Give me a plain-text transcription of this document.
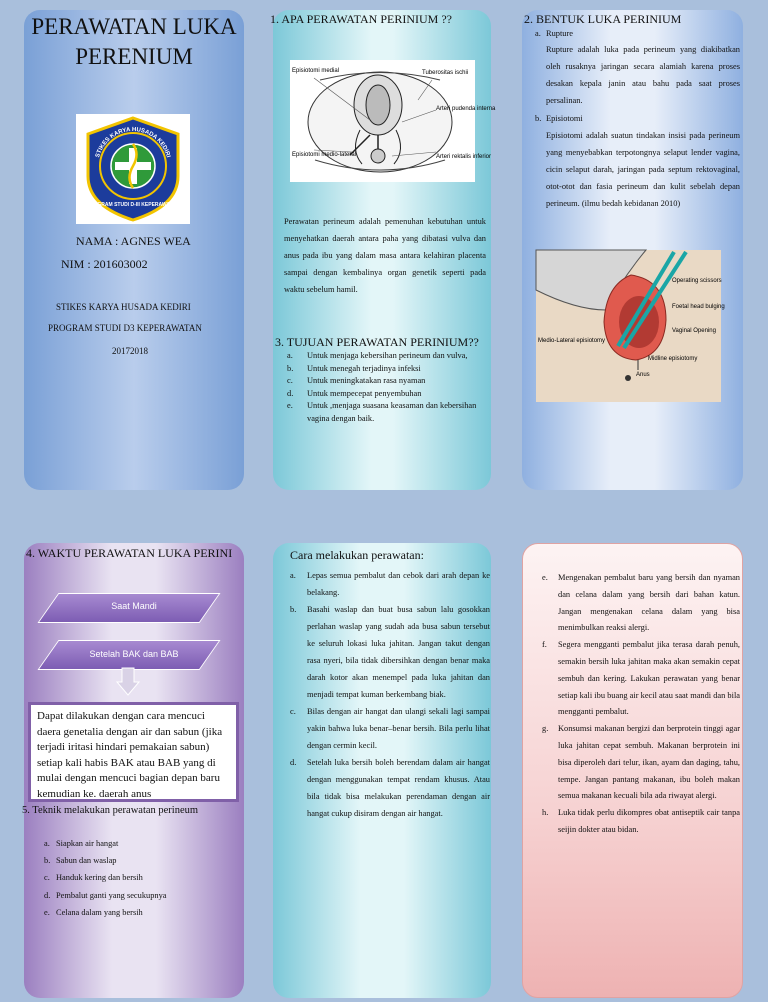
PERAWATAN LUKA
PERENIUM
STIKES KARYA HUSADA KEDIRI
PROGRAM STUDI D-III KEPERAWATAN
NAMA : AGNES WEA
NIM : 201603002
STIKES KARYA HUSADA KEDIRI
PROGRAM STUDI D3 KEPERAWATAN
20172018
1. APA PERAWATAN PERINIUM ??
Episiotomi medial	Tuberositas ischii
Arteri pudenda interna
Episiotomi medio-lateral	Arteri rektalis inferior
Perawatan perineum adalah pemenuhan kebutuhan untuk menyehatkan daerah antara paha yang dibatasi vulva dan anus pada ibu yang dalam masa antara kelahiran placenta sampai dengan kembalinya organ genetik seperti pada waktu sebelum hamil.
3. TUJUAN PERAWATAN PERINIUM??
a.	Untuk menjaga kebersihan perineum dan vulva,
b.	Untuk menegah terjadinya infeksi
c.	Untuk meningkatakan rasa nyaman
d.	Untuk mempecepat penyembuhan
e.	Untuk ,menjaga suasana keasaman dan kebersihan vagina dengan baik.
2. BENTUK LUKA PERINIUM
a. Rupture
Rupture adalah luka pada perineum yang diakibatkan oleh rusaknya jaringan secara alamiah karena proses desakan kepala janin atau bahu pada saat proses persalinan.
b. Episiotomi
Episiotomi adalah suatun tindakan insisi pada perineum yang menyebabkan terpotongnya selaput lender vagina, cicin selaput darah, jaringan pada septum rektovaginal, otot-otot dan fasia perineum dan kulit sebelah depan perineum. (ilmu bedah kebidanan 2010)
Operating scissors
Foetal head bulging
Vaginal Opening
Medio-Lateral episiotomy
Midline episiotomy
Anus
4. WAKTU PERAWATAN LUKA PERINI
Saat Mandi
Setelah BAK dan BAB
Dapat dilakukan dengan cara mencuci daera genetalia dengan air dan sabun (jika terjadi iritasi hindari pemakaian sabun) setiap kali habis BAK atau BAB yang di mulai dengan mencuci bagian depan baru kemudian ke. daerah anus
5. Teknik melakukan perawatan perineum
a. Siapkan air hangat
b. Sabun dan waslap
c. Handuk kering dan bersih
d. Pembalut ganti yang secukupnya
e. Celana dalam yang bersih
Cara melakukan perawatan:
a.	Lepas semua pembalut dan cebok dari arah depan ke belakang.
b.	Basahi waslap dan buat busa sabun lalu gosokkan perlahan waslap yang sudah ada busa sabun tersebut ke seluruh lokasi luka jahitan. Jangan takut dengan rasa nyeri, bila tidak dibersihkan dengan benar maka darah kotor akan menempel pada luka jahitan dan menjadi tempat kuman berkembang biak.
c.	Bilas dengan air hangat dan ulangi sekali lagi sampai yakin bahwa luka benar–benar bersih. Bila perlu lihat dengan cermin kecil.
d.	Setelah luka bersih boleh berendam dalam air hangat dengan menggunakan tempat rendam khusus. Atau bila tidak bisa melakukan perendaman dengan air hangat cukup disiram dengan air hangat.
e.	Mengenakan pembalut baru yang bersih dan nyaman dan celana dalam yang bersih dari bahan katun. Jangan mengenakan celana dalam yang bisa menimbulkan reaksi alergi.
f.	Segera mengganti pembalut jika terasa darah penuh, semakin bersih luka jahitan maka akan semakin cepat sembuh dan kering. Lakukan perawatan yang benar setiap kali ibu buang air kecil atau saat mandi dan bila mengganti pembalut.
g.	Konsumsi makanan bergizi dan berprotein tinggi agar luka jahitan cepat sembuh. Makanan berprotein ini bisa diperoleh dari telur, ikan, ayam dan daging, tahu, tempe. Jangan pantang makanan, ibu boleh makan semua makanan kecuali bila ada riwayat alergi.
h.	Luka tidak perlu dikompres obat antiseptik cair tanpa seijin dokter atau bidan.
